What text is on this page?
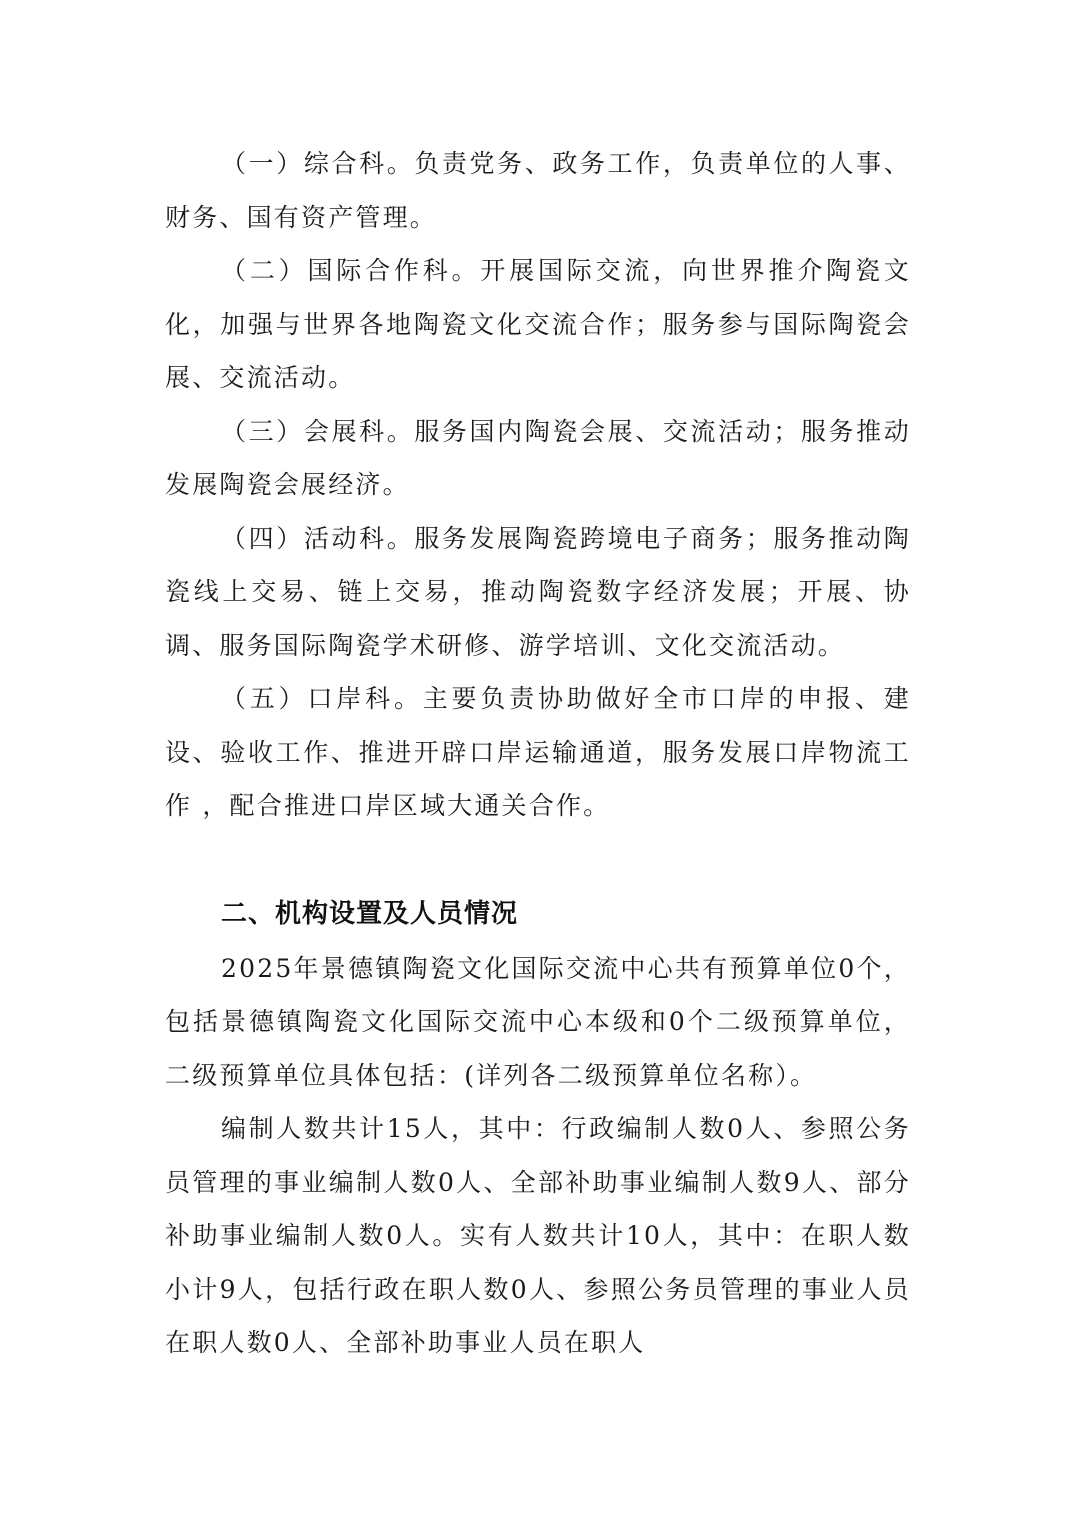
（一）综合科。负责党务、政务工作，负责单位的人事、财务、国有资产管理。

（二）国际合作科。开展国际交流，向世界推介陶瓷文化，加强与世界各地陶瓷文化交流合作；服务参与国际陶瓷会展、交流活动。

（三）会展科。服务国内陶瓷会展、交流活动；服务推动发展陶瓷会展经济。

（四）活动科。服务发展陶瓷跨境电子商务；服务推动陶瓷线上交易、链上交易，推动陶瓷数字经济发展；开展、协调、服务国际陶瓷学术研修、游学培训、文化交流活动。

（五）口岸科。主要负责协助做好全市口岸的申报、建设、验收工作、推进开辟口岸运输通道，服务发展口岸物流工作 ，配合推进口岸区域大通关合作。

二、机构设置及人员情况

2025年景德镇陶瓷文化国际交流中心共有预算单位0个，包括景德镇陶瓷文化国际交流中心本级和0个二级预算单位，二级预算单位具体包括：(详列各二级预算单位名称）。

编制人数共计15人，其中：行政编制人数0人、参照公务员管理的事业编制人数0人、全部补助事业编制人数9人、部分补助事业编制人数0人。实有人数共计10人，其中：在职人数小计9人，包括行政在职人数0人、参照公务员管理的事业人员在职人数0人、全部补助事业人员在职人
